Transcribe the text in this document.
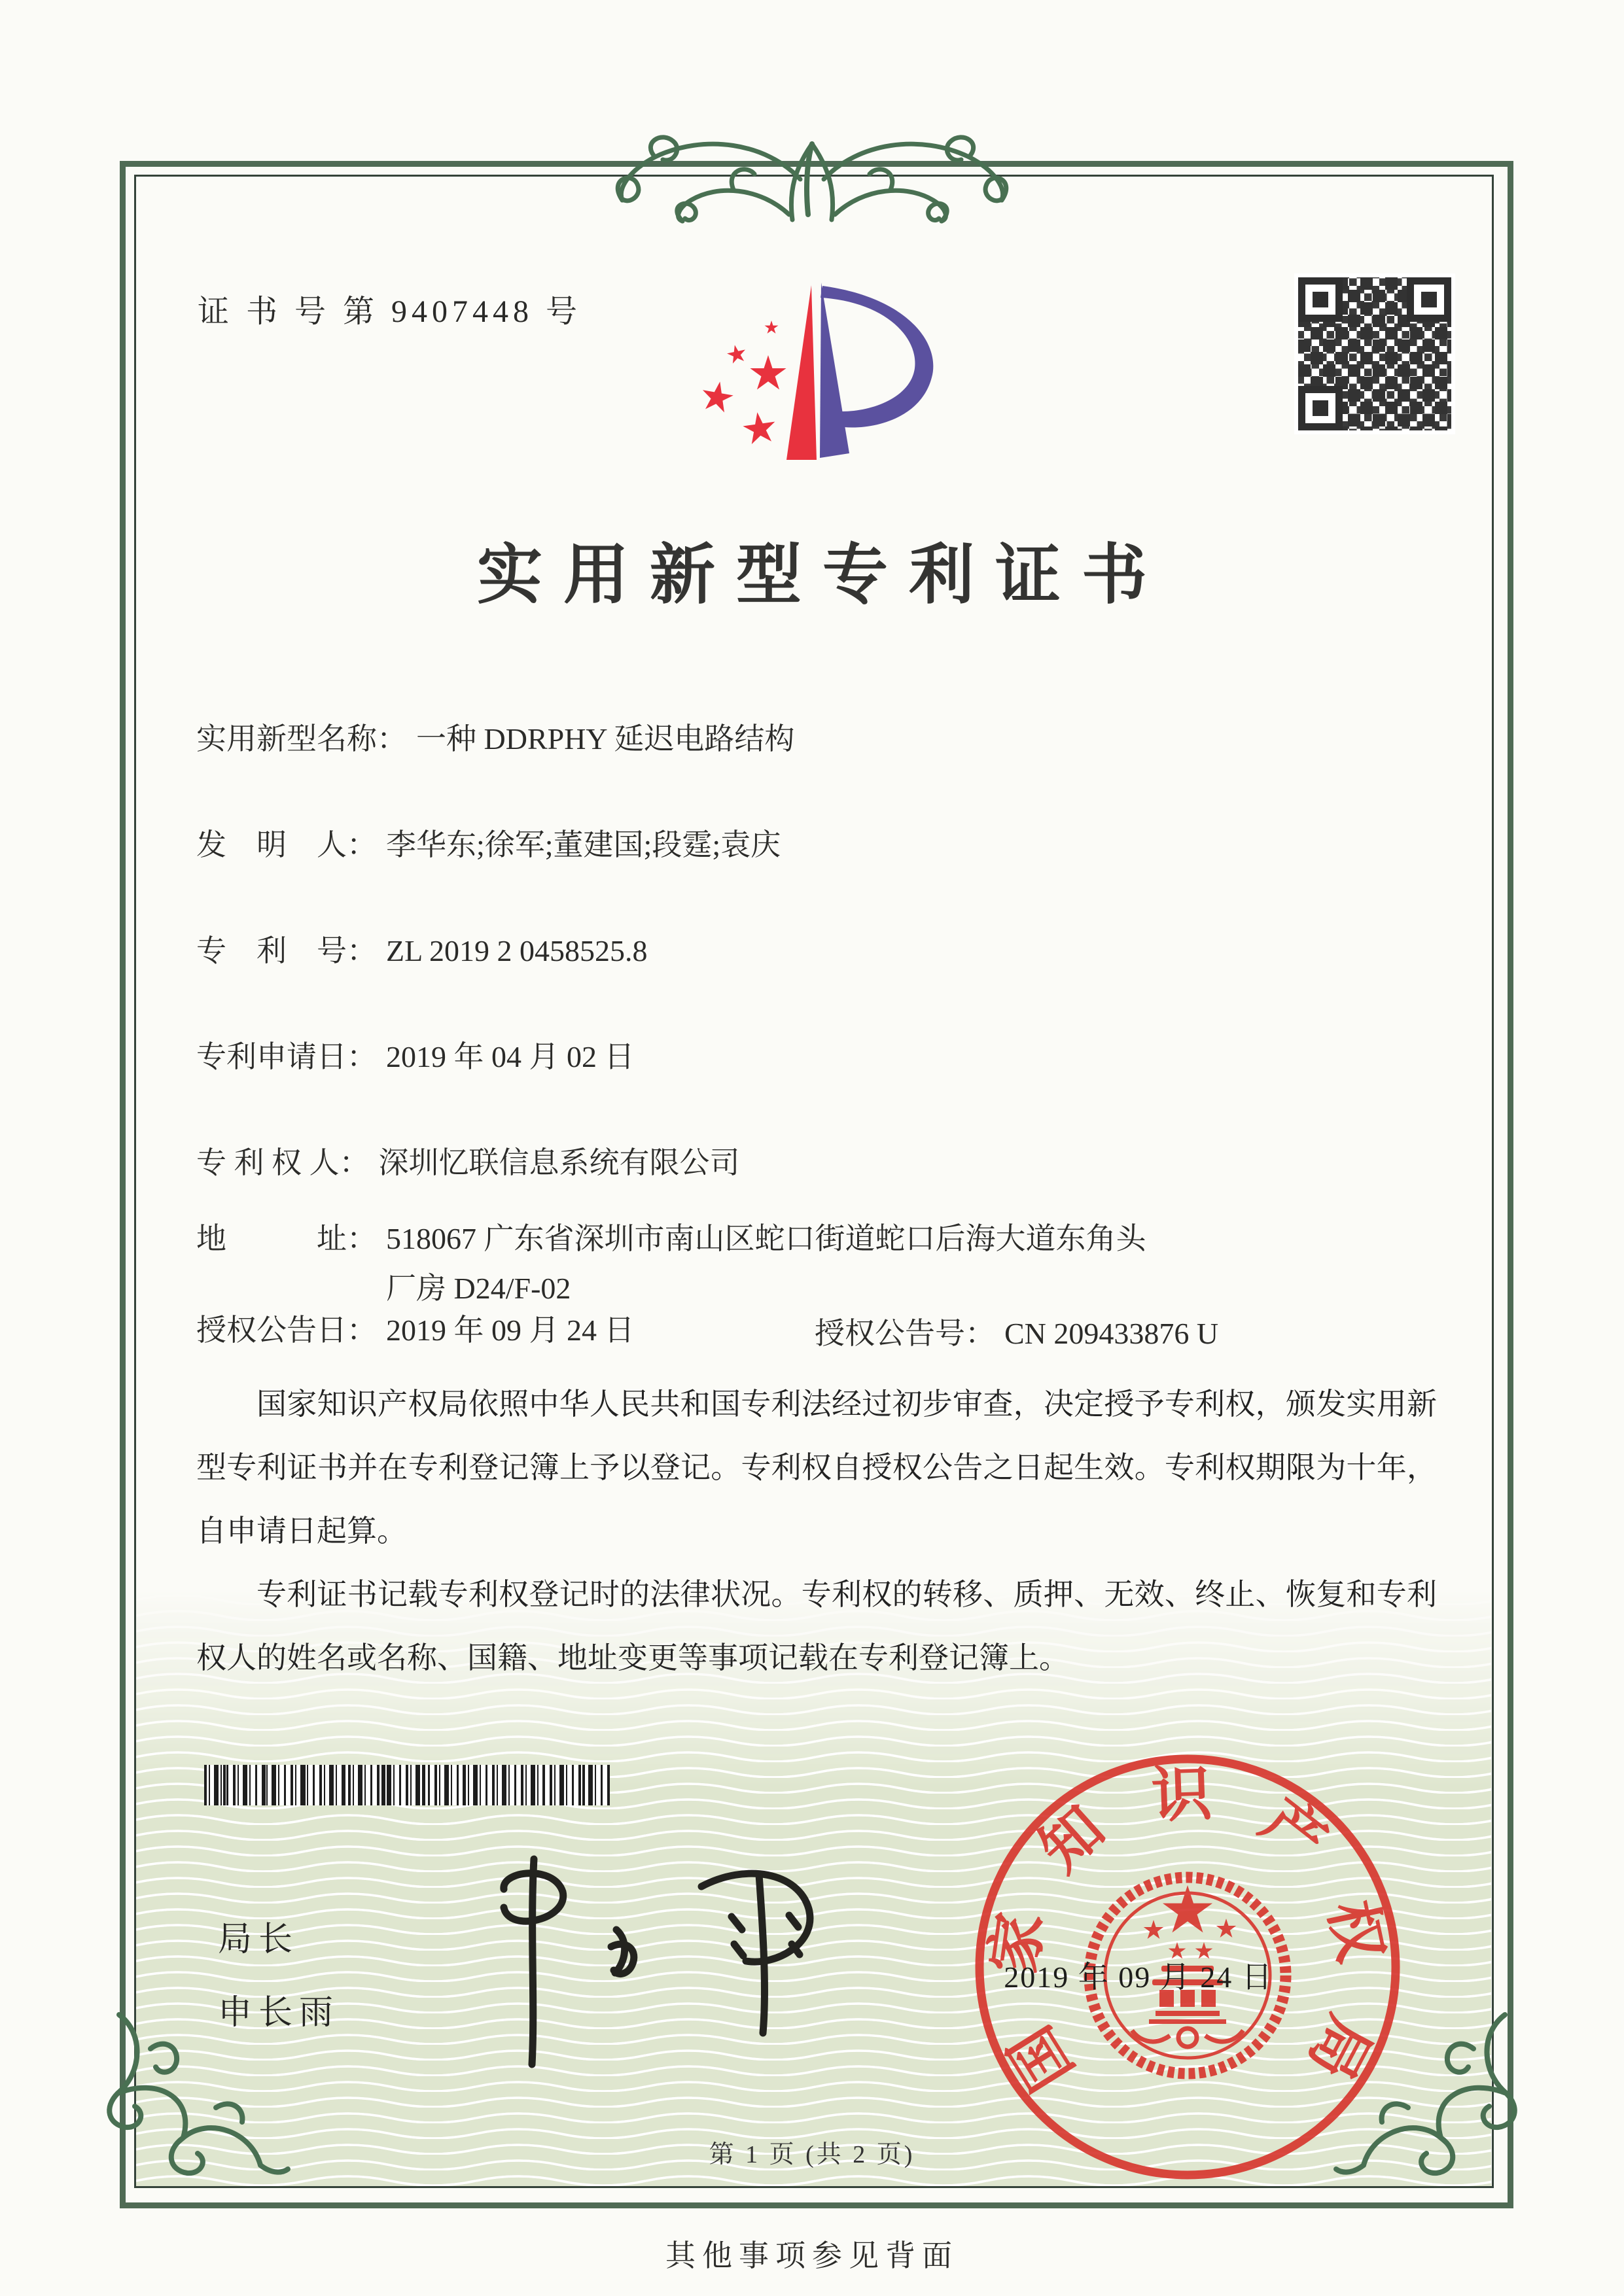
证 书 号 第 9407448 号
实用新型专利证书
实用新型名称： 一种 DDRPHY 延迟电路结构
发　明　人： 李华东;徐军;董建国;段霆;袁庆
专　利　号： ZL 2019 2 0458525.8
专利申请日： 2019 年 04 月 02 日
专 利 权 人： 深圳忆联信息系统有限公司
地　　　址： 518067 广东省深圳市南山区蛇口街道蛇口后海大道东角头厂房 D24/F-02
授权公告日： 2019 年 09 月 24 日	授权公告号： CN 209433876 U

国家知识产权局依照中华人民共和国专利法经过初步审查，决定授予专利权，颁发实用新型专利证书并在专利登记簿上予以登记。专利权自授权公告之日起生效。专利权期限为十年，自申请日起算。

专利证书记载专利权登记时的法律状况。专利权的转移、质押、无效、终止、恢复和专利权人的姓名或名称、国籍、地址变更等事项记载在专利登记簿上。

局长
申长雨
国
家
知 识 产
权
局
2019 年 09 月 24 日
第 1 页 (共 2 页)
其他事项参见背面
